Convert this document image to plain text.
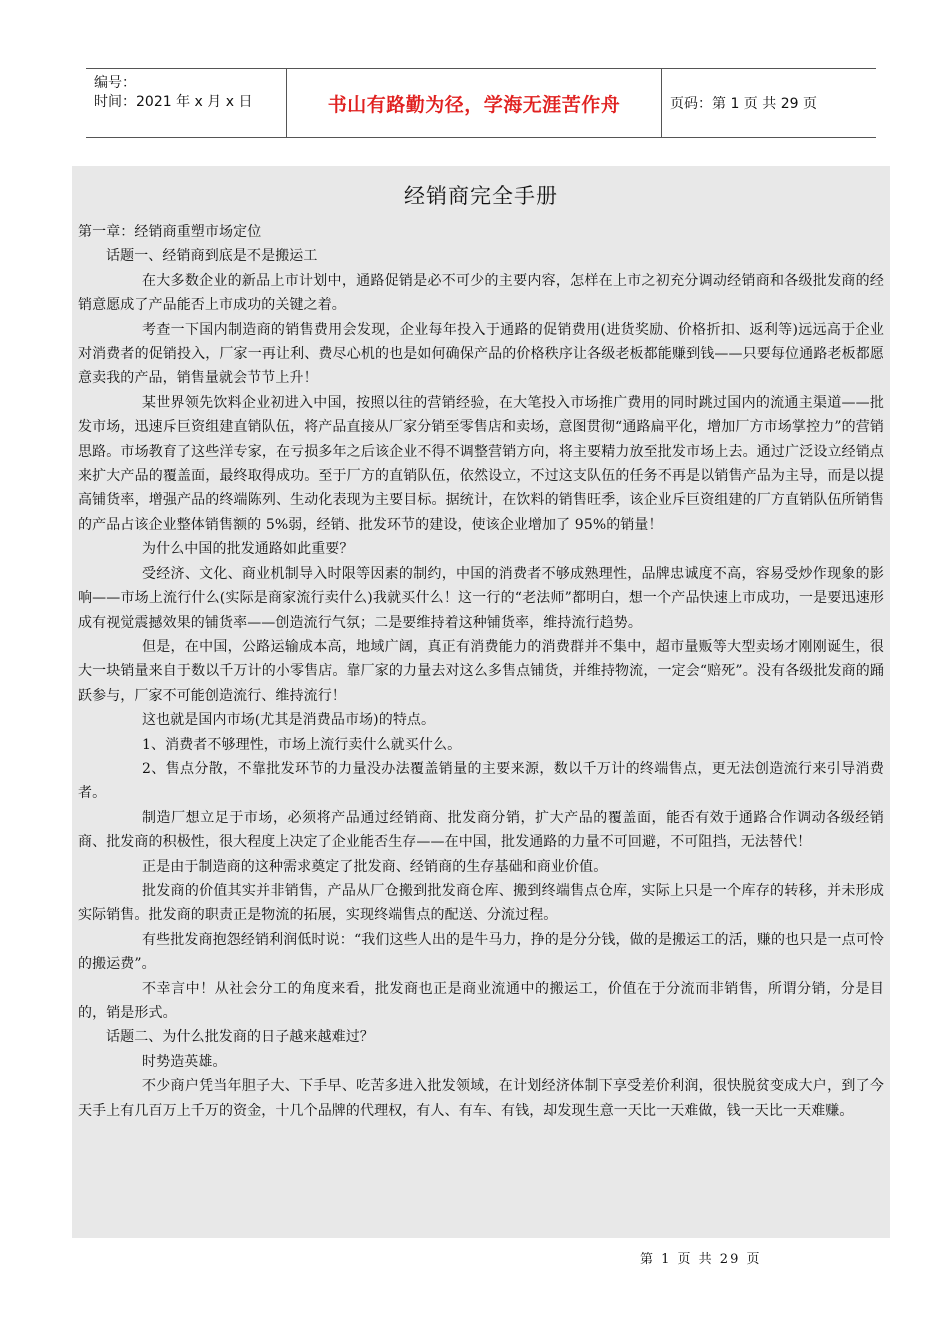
编号：
时间：2021 年 x 月 x 日	书山有路勤为径，学海无涯苦作舟	页码：第 1 页 共 29 页
经销商完全手册

第一章：经销商重塑市场定位

话题一、经销商到底是不是搬运工

在大多数企业的新品上市计划中，通路促销是必不可少的主要内容，怎样在上市之初充分调动经销商和各级批发商的经销意愿成了产品能否上市成功的关键之着。

考查一下国内制造商的销售费用会发现，企业每年投入于通路的促销费用(进货奖励、价格折扣、返利等)远远高于企业对消费者的促销投入，厂家一再让利、费尽心机的也是如何确保产品的价格秩序让各级老板都能赚到钱——只要每位通路老板都愿意卖我的产品，销售量就会节节上升！

某世界领先饮料企业初进入中国，按照以往的营销经验，在大笔投入市场推广费用的同时跳过国内的流通主渠道——批发市场，迅速斥巨资组建直销队伍，将产品直接从厂家分销至零售店和卖场，意图贯彻“通路扁平化，增加厂方市场掌控力”的营销思路。市场教育了这些洋专家，在亏损多年之后该企业不得不调整营销方向，将主要精力放至批发市场上去。通过广泛设立经销点来扩大产品的覆盖面，最终取得成功。至于厂方的直销队伍，依然设立，不过这支队伍的任务不再是以销售产品为主导，而是以提高铺货率，增强产品的终端陈列、生动化表现为主要目标。据统计，在饮料的销售旺季，该企业斥巨资组建的厂方直销队伍所销售的产品占该企业整体销售额的 5%弱，经销、批发环节的建设，使该企业增加了 95%的销量！

为什么中国的批发通路如此重要？

受经济、文化、商业机制导入时限等因素的制约，中国的消费者不够成熟理性，品牌忠诚度不高，容易受炒作现象的影响——市场上流行什么(实际是商家流行卖什么)我就买什么！这一行的“老法师”都明白，想一个产品快速上市成功，一是要迅速形成有视觉震撼效果的铺货率——创造流行气氛；二是要维持着这种铺货率，维持流行趋势。

但是，在中国，公路运输成本高，地域广阔，真正有消费能力的消费群并不集中，超市量贩等大型卖场才刚刚诞生，很大一块销量来自于数以千万计的小零售店。靠厂家的力量去对这么多售点铺货，并维持物流，一定会“赔死”。没有各级批发商的踊跃参与，厂家不可能创造流行、维持流行！

这也就是国内市场(尤其是消费品市场)的特点。

1、消费者不够理性，市场上流行卖什么就买什么。

2、售点分散，不靠批发环节的力量没办法覆盖销量的主要来源，数以千万计的终端售点，更无法创造流行来引导消费者。

制造厂想立足于市场，必须将产品通过经销商、批发商分销，扩大产品的覆盖面，能否有效于通路合作调动各级经销商、批发商的积极性，很大程度上决定了企业能否生存——在中国，批发通路的力量不可回避，不可阻挡，无法替代！

正是由于制造商的这种需求奠定了批发商、经销商的生存基础和商业价值。

批发商的价值其实并非销售，产品从厂仓搬到批发商仓库、搬到终端售点仓库，实际上只是一个库存的转移，并未形成实际销售。批发商的职责正是物流的拓展，实现终端售点的配送、分流过程。

有些批发商抱怨经销利润低时说：“我们这些人出的是牛马力，挣的是分分钱，做的是搬运工的活，赚的也只是一点可怜的搬运费”。

不幸言中！从社会分工的角度来看，批发商也正是商业流通中的搬运工，价值在于分流而非销售，所谓分销，分是目的，销是形式。

话题二、为什么批发商的日子越来越难过？

时势造英雄。

不少商户凭当年胆子大、下手早、吃苦多进入批发领域，在计划经济体制下享受差价利润，很快脱贫变成大户，到了今天手上有几百万上千万的资金，十几个品牌的代理权，有人、有车、有钱，却发现生意一天比一天难做，钱一天比一天难赚。

第 1 页 共 29 页
